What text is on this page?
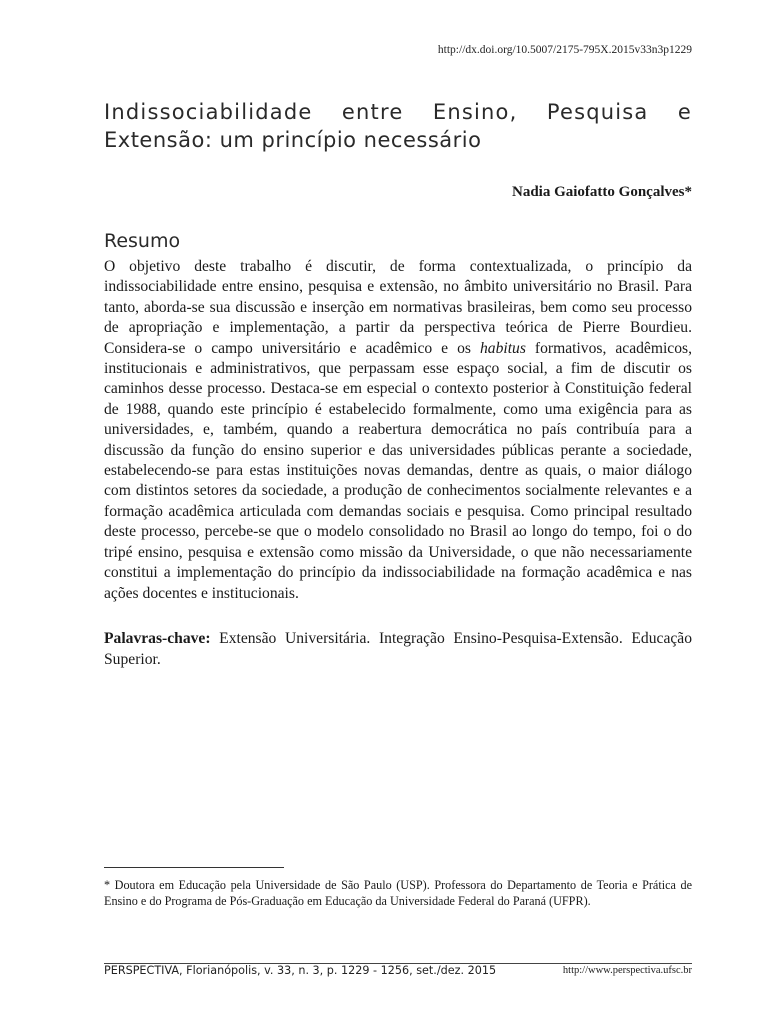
http://dx.doi.org/10.5007/2175-795X.2015v33n3p1229
Indissociabilidade entre Ensino, Pesquisa e
Extensão: um princípio necessário
Nadia Gaiofatto Gonçalves*
Resumo

O objetivo deste trabalho é discutir, de forma contextualizada, o princípio da indissociabilidade entre ensino, pesquisa e extensão, no âmbito universitário no Brasil. Para tanto, aborda-se sua discussão e inserção em normativas brasileiras, bem como seu processo de apropriação e implementação, a partir da perspectiva teórica de Pierre Bourdieu. Considera-se o campo universitário e acadêmico e os habitus formativos, acadêmicos, institucionais e administrativos, que perpassam esse espaço social, a fim de discutir os caminhos desse processo. Destaca-se em especial o contexto posterior à Constituição federal de 1988, quando este princípio é estabelecido formalmente, como uma exigência para as universidades, e, também, quando a reabertura democrática no país contribuía para a discussão da função do ensino superior e das universidades públicas perante a sociedade, estabelecendo-se para estas instituições novas demandas, dentre as quais, o maior diálogo com distintos setores da sociedade, a produção de conhecimentos socialmente relevantes e a formação acadêmica articulada com demandas sociais e pesquisa. Como principal resultado deste processo, percebe-se que o modelo consolidado no Brasil ao longo do tempo, foi o do tripé ensino, pesquisa e extensão como missão da Universidade, o que não necessariamente constitui a implementação do princípio da indissociabilidade na formação acadêmica e nas ações docentes e institucionais.

Palavras-chave: Extensão Universitária. Integração Ensino-Pesquisa-Extensão. Educação Superior.

* Doutora em Educação pela Universidade de São Paulo (USP). Professora do Departamento de Teoria e Prática de Ensino e do Programa de Pós-Graduação em Educação da Universidade Federal do Paraná (UFPR).

PERSPECTIVA, Florianópolis, v. 33, n. 3, p. 1229 - 1256, set./dez. 2015	http://www.perspectiva.ufsc.br
